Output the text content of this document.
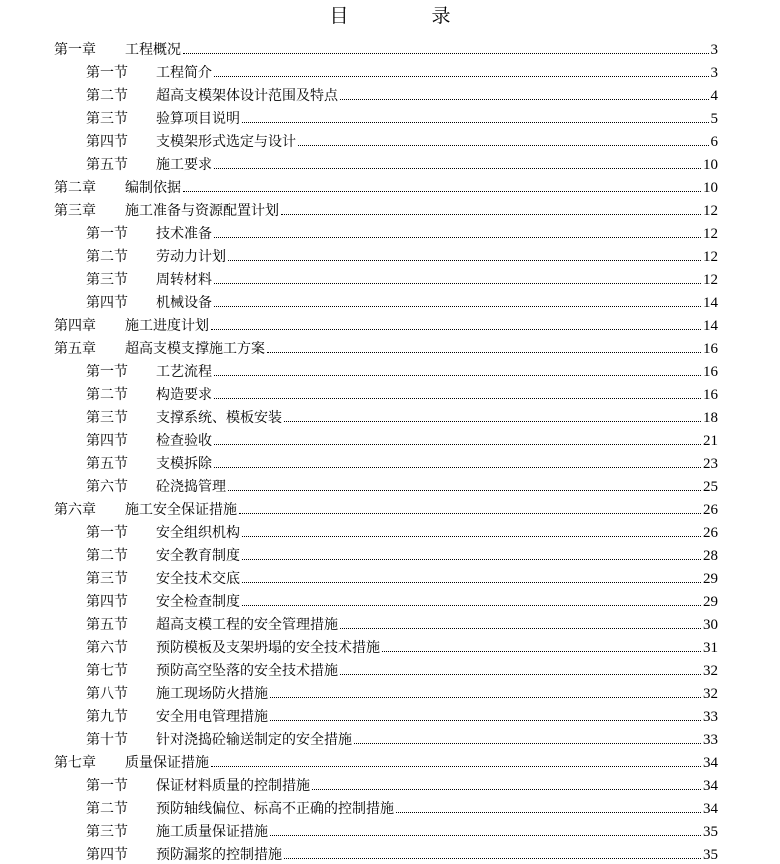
目　录
第一章	工程概况	3
第一节	工程简介	3
第二节	超高支模架体设计范围及特点	4
第三节	验算项目说明	5
第四节	支模架形式选定与设计	6
第五节	施工要求	10
第二章	编制依据	10
第三章	施工准备与资源配置计划	12
第一节	技术准备	12
第二节	劳动力计划	12
第三节	周转材料	12
第四节	机械设备	14
第四章	施工进度计划	14
第五章	超高支模支撑施工方案	16
第一节	工艺流程	16
第二节	构造要求	16
第三节	支撑系统、模板安装	18
第四节	检查验收	21
第五节	支模拆除	23
第六节	砼浇捣管理	25
第六章	施工安全保证措施	26
第一节	安全组织机构	26
第二节	安全教育制度	28
第三节	安全技术交底	29
第四节	安全检查制度	29
第五节	超高支模工程的安全管理措施	30
第六节	预防模板及支架坍塌的安全技术措施	31
第七节	预防高空坠落的安全技术措施	32
第八节	施工现场防火措施	32
第九节	安全用电管理措施	33
第十节	针对浇捣砼输送制定的安全措施	33
第七章	质量保证措施	34
第一节	保证材料质量的控制措施	34
第二节	预防轴线偏位、标高不正确的控制措施	34
第三节	施工质量保证措施	35
第四节	预防漏浆的控制措施	35
